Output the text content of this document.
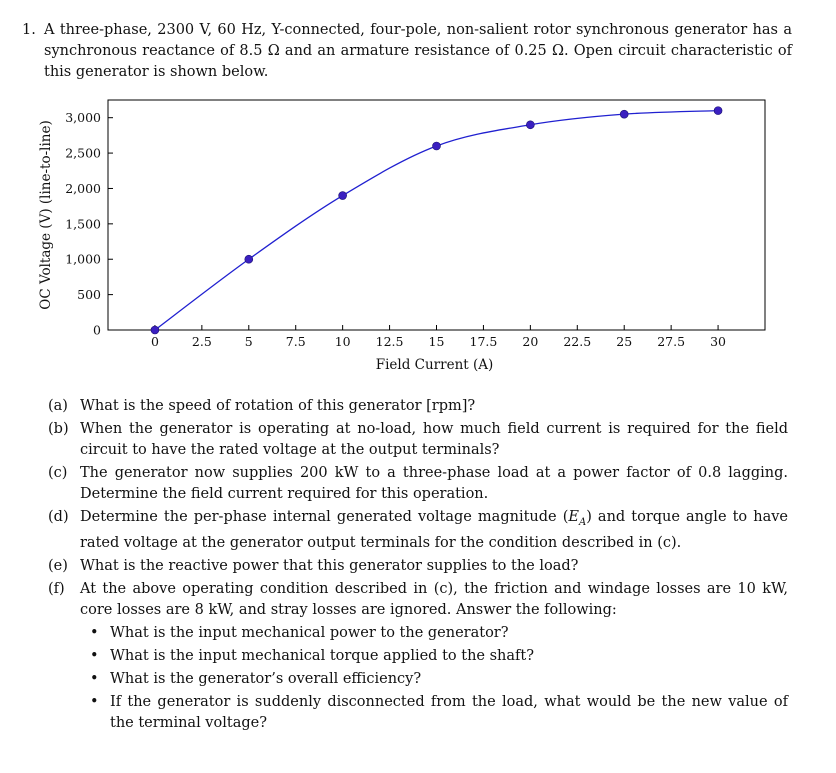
1. A three-phase, 2300 V, 60 Hz, Y-connected, four-pole, non-salient rotor synchronous generator has a synchronous reactance of 8.5 Ω and an armature resistance of 0.25 Ω. Open circuit characteristic of this generator is shown below.
0
500
1,000
1,500
2,000
2,500
3,000
0	2.5	5	7.5 10 12.5 15 17.5 20 22.5 25 27.5 30
Field Current (A)
OC Voltage (V) (line-to-line)
(a) What is the speed of rotation of this generator [rpm]?
(b) When the generator is operating at no-load, how much field current is required for the field circuit to have the rated voltage at the output terminals?
(c) The generator now supplies 200 kW to a three-phase load at a power factor of 0.8 lagging. Determine the field current required for this operation.
(d) Determine the per-phase internal generated voltage magnitude $(E_A)$ and torque angle to have rated voltage at the generator output terminals for the condition described in (c).
(e) What is the reactive power that this generator supplies to the load?
(f)	At the above operating condition described in (c), the friction and windage losses are 10 kW, core losses are 8 kW, and stray losses are ignored. Answer the following:
• What is the input mechanical power to the generator?
• What is the input mechanical torque applied to the shaft?
• What is the generator’s overall efficiency?
• If the generator is suddenly disconnected from the load, what would be the new value of the terminal voltage?
